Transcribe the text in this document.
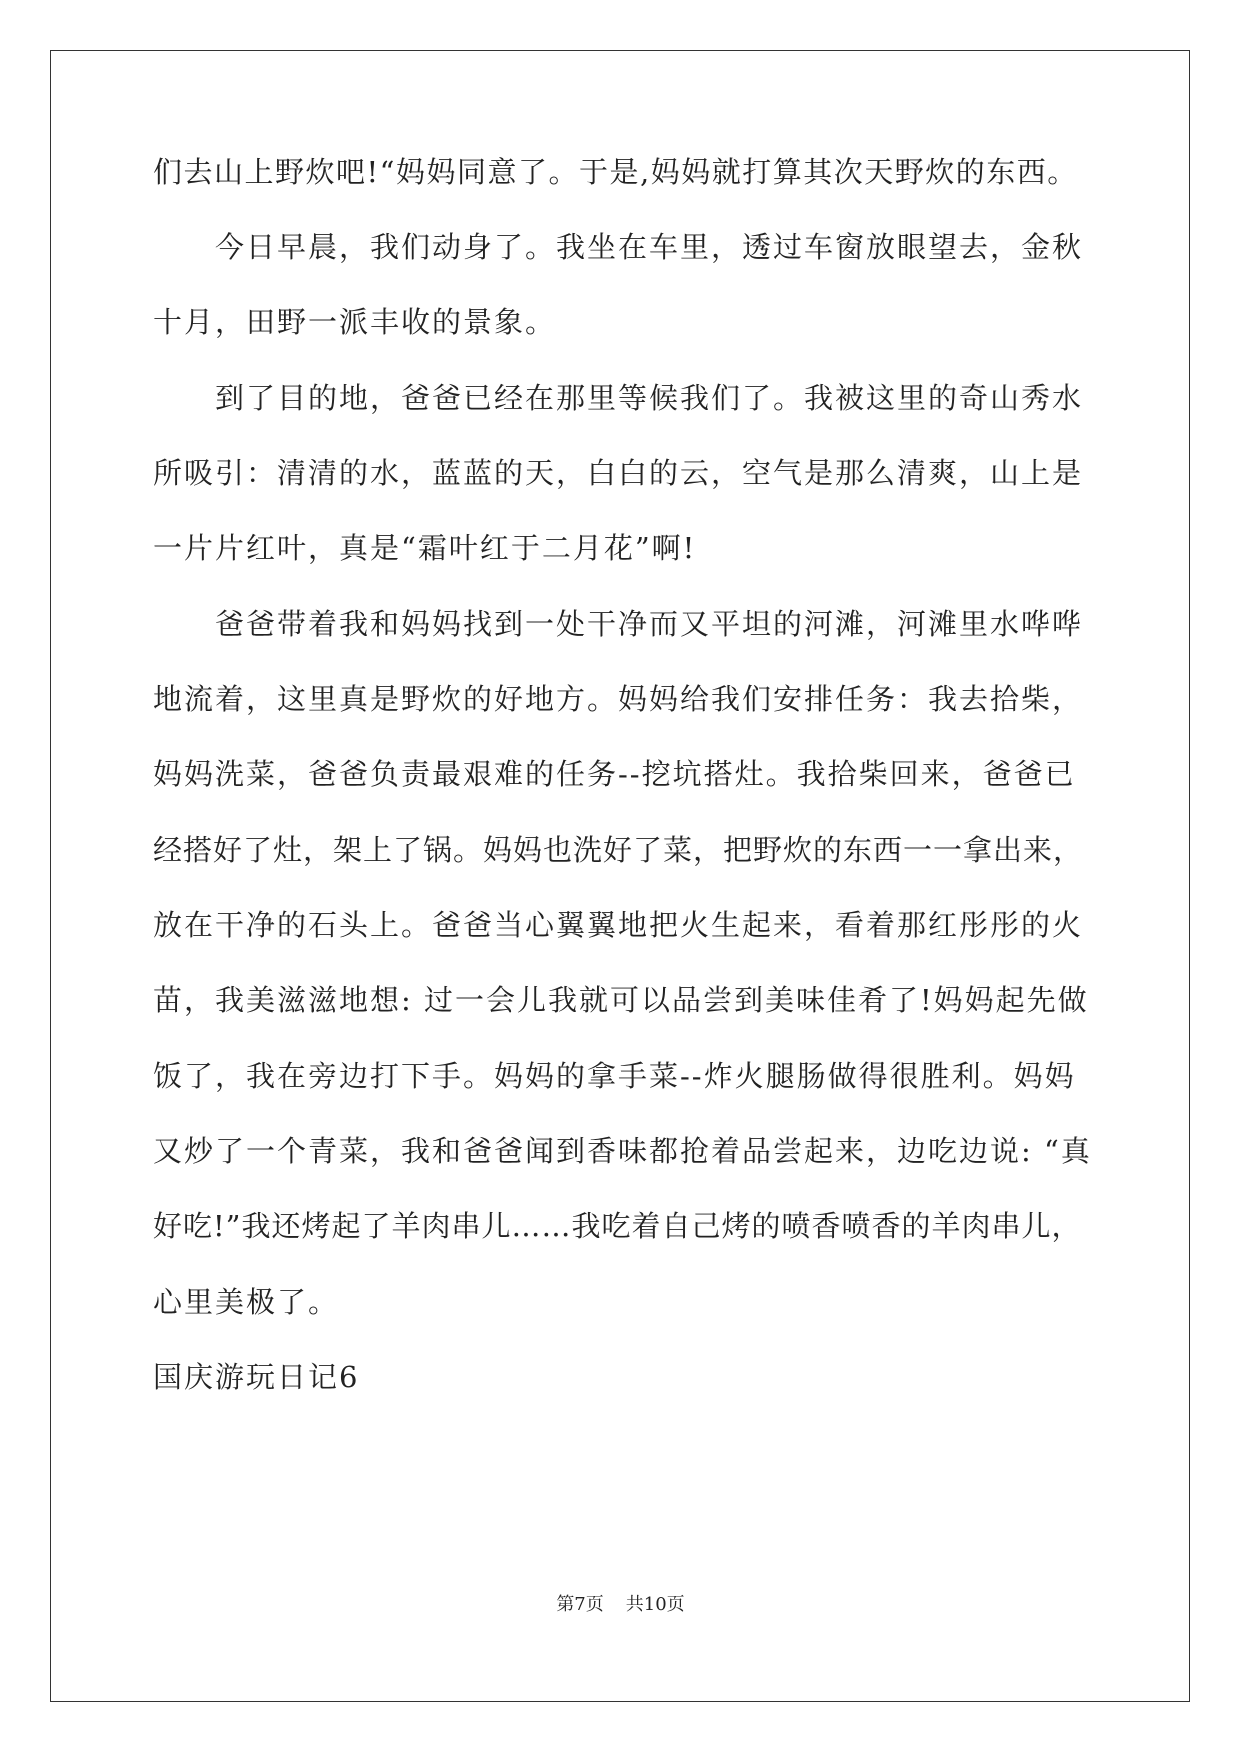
们去山上野炊吧!“妈妈同意了。于是,妈妈就打算其次天野炊的东西。
　　今日早晨，我们动身了。我坐在车里，透过车窗放眼望去，金秋
十月，田野一派丰收的景象。
　　到了目的地，爸爸已经在那里等候我们了。我被这里的奇山秀水
所吸引：清清的水，蓝蓝的天，白白的云，空气是那么清爽，山上是
一片片红叶，真是“霜叶红于二月花”啊!
　　爸爸带着我和妈妈找到一处干净而又平坦的河滩，河滩里水哗哗
地流着，这里真是野炊的好地方。妈妈给我们安排任务：我去拾柴，
妈妈洗菜，爸爸负责最艰难的任务--挖坑搭灶。我拾柴回来，爸爸已
经搭好了灶，架上了锅。妈妈也洗好了菜，把野炊的东西一一拿出来，
放在干净的石头上。爸爸当心翼翼地把火生起来，看着那红彤彤的火
苗，我美滋滋地想: 过一会儿我就可以品尝到美味佳肴了!妈妈起先做
饭了，我在旁边打下手。妈妈的拿手菜--炸火腿肠做得很胜利。妈妈
又炒了一个青菜，我和爸爸闻到香味都抢着品尝起来，边吃边说: “真
好吃!”我还烤起了羊肉串儿……我吃着自己烤的喷香喷香的羊肉串儿，
心里美极了。
国庆游玩日记6
第7页 共10页
